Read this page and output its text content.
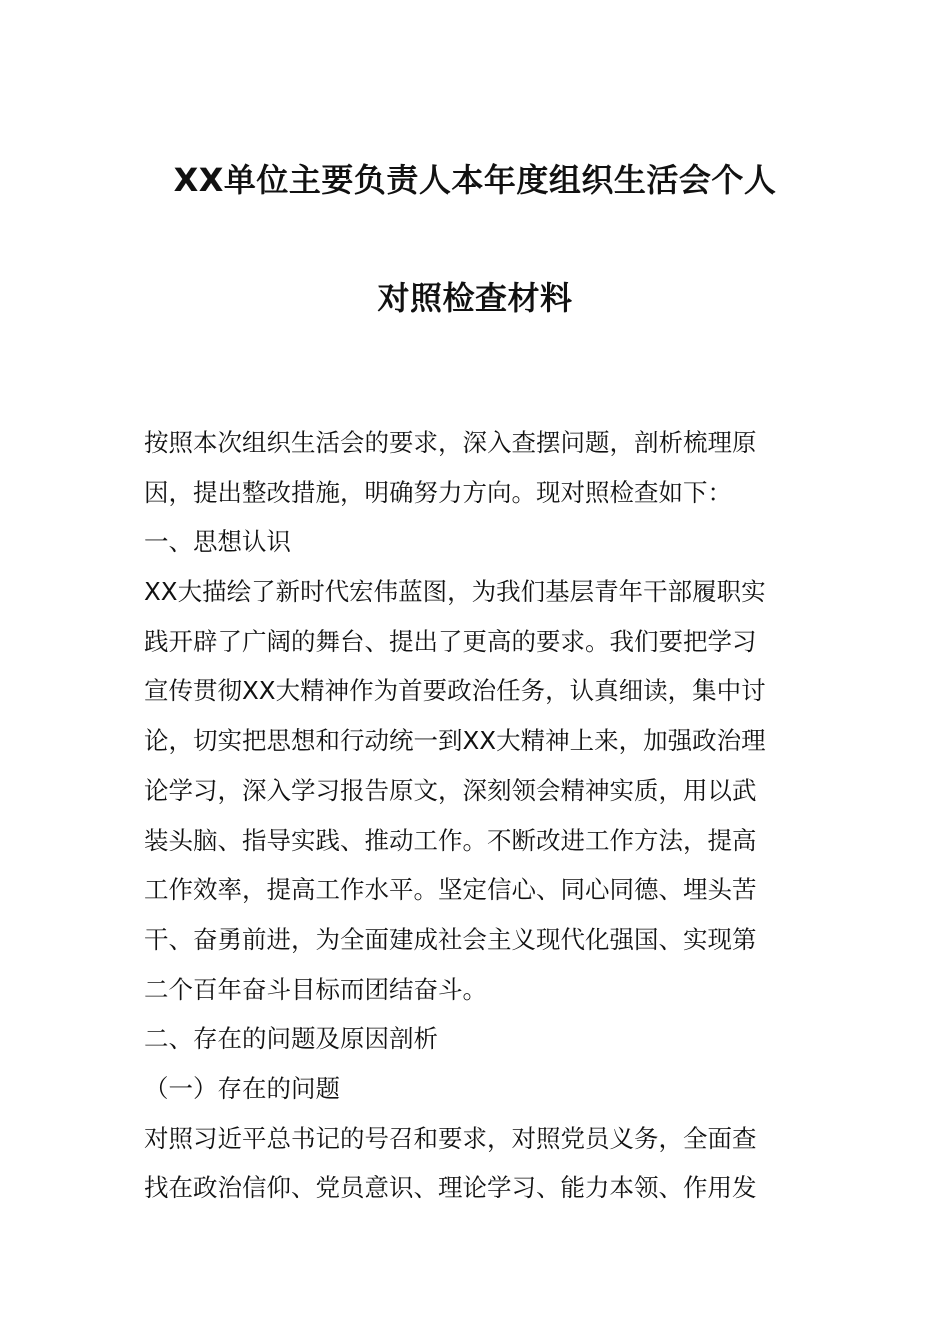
XX单位主要负责人本年度组织生活会个人
对照检查材料
按照本次组织生活会的要求，深入查摆问题，剖析梳理原
因，提出整改措施，明确努力方向。现对照检查如下：
一、思想认识
XX大描绘了新时代宏伟蓝图，为我们基层青年干部履职实
践开辟了广阔的舞台、提出了更高的要求。我们要把学习
宣传贯彻XX大精神作为首要政治任务，认真细读，集中讨
论，切实把思想和行动统一到XX大精神上来，加强政治理
论学习，深入学习报告原文，深刻领会精神实质，用以武
装头脑、指导实践、推动工作。不断改进工作方法，提高
工作效率，提高工作水平。坚定信心、同心同德、埋头苦
干、奋勇前进，为全面建成社会主义现代化强国、实现第
二个百年奋斗目标而团结奋斗。
二、存在的问题及原因剖析
（一）存在的问题
对照习近平总书记的号召和要求，对照党员义务，全面查
找在政治信仰、党员意识、理论学习、能力本领、作用发
